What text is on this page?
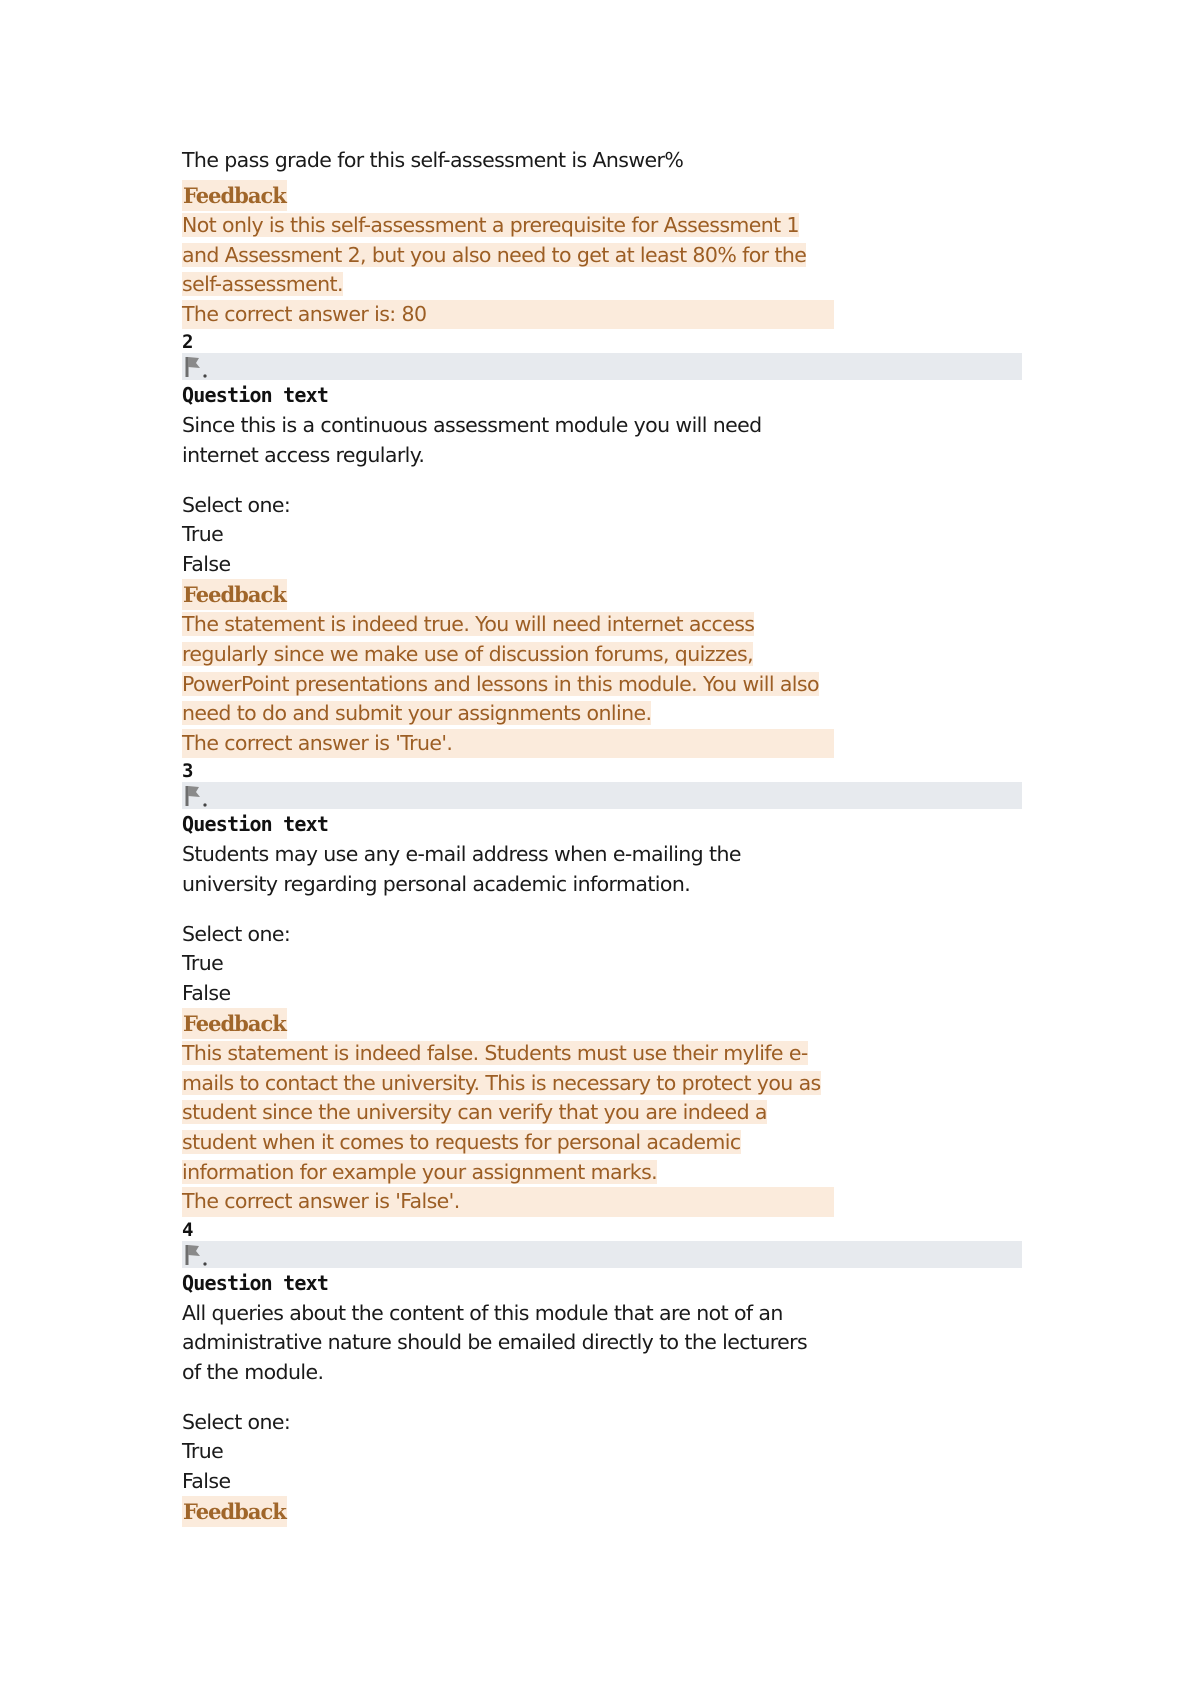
The pass grade for this self-assessment is Answer%
Feedback
Not only is this self-assessment a prerequisite for Assessment 1
and Assessment 2, but you also need to get at least 80% for the
self-assessment.
The correct answer is: 80
2
Question text
Since this is a continuous assessment module you will need
internet access regularly.
Select one:
True
False
Feedback
The statement is indeed true. You will need internet access
regularly since we make use of discussion forums, quizzes,
PowerPoint presentations and lessons in this module. You will also
need to do and submit your assignments online.
The correct answer is 'True'.
3
Question text
Students may use any e-mail address when e-mailing the
university regarding personal academic information.
Select one:
True
False
Feedback
This statement is indeed false. Students must use their mylife e-
mails to contact the university. This is necessary to protect you as
student since the university can verify that you are indeed a
student when it comes to requests for personal academic
information for example your assignment marks.
The correct answer is 'False'.
4
Question text
All queries about the content of this module that are not of an
administrative nature should be emailed directly to the lecturers
of the module.
Select one:
True
False
Feedback
